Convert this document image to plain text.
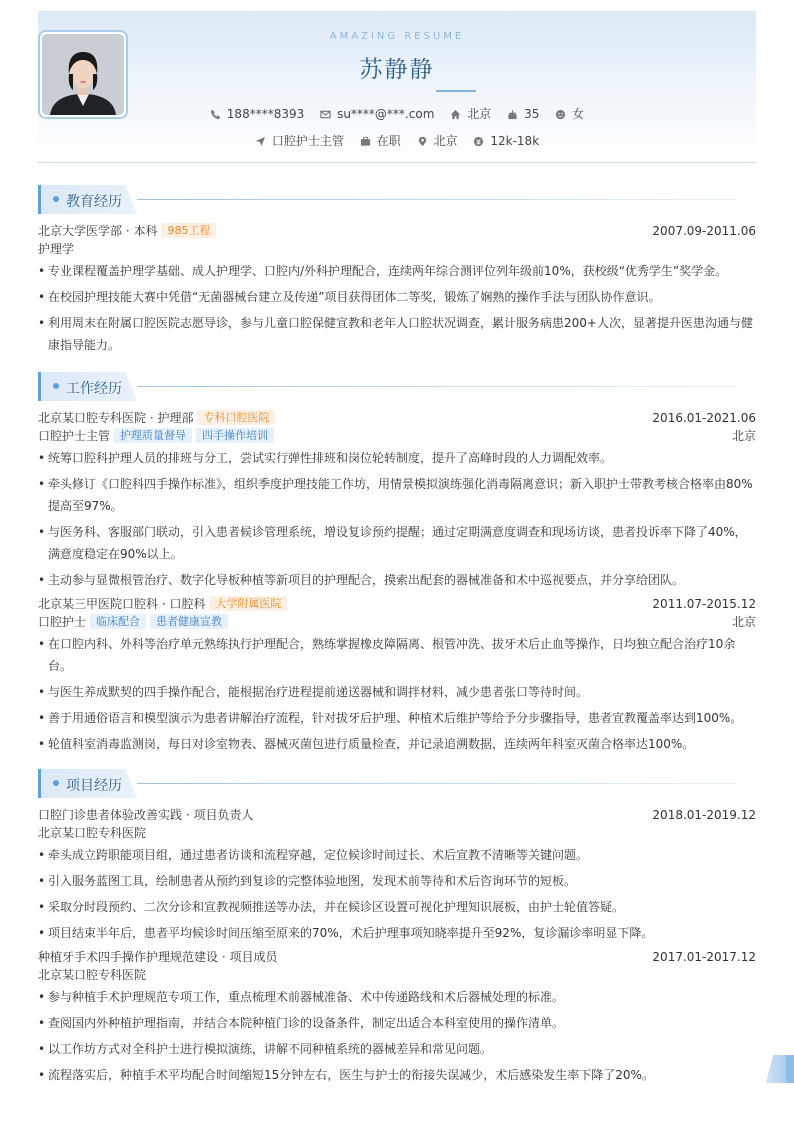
AMAZING RESUME
苏静静
188****8393	su****@***.com	北京	35	女
口腔护士主管	在职	北京	12k-18k
教育经历
北京大学医学部 · 本科 985工程	2007.09-2011.06
护理学
• 专业课程覆盖护理学基础、成人护理学、口腔内/外科护理配合，连续两年综合测评位列年级前10%，获校级“优秀学生”奖学金。
• 在校园护理技能大赛中凭借“无菌器械台建立及传递”项目获得团体二等奖，锻炼了娴熟的操作手法与团队协作意识。
• 利用周末在附属口腔医院志愿导诊，参与儿童口腔保健宣教和老年人口腔状况调查，累计服务病患200+人次，显著提升医患沟通与健康指导能力。
工作经历
北京某口腔专科医院 · 护理部 专科口腔医院	2016.01-2021.06
口腔护士主管 护理质量督导 四手操作培训	北京
• 统筹口腔科护理人员的排班与分工，尝试实行弹性排班和岗位轮转制度，提升了高峰时段的人力调配效率。
• 牵头修订《口腔科四手操作标准》，组织季度护理技能工作坊，用情景模拟演练强化消毒隔离意识；新入职护士带教考核合格率由80%提高至97%。
• 与医务科、客服部门联动，引入患者候诊管理系统，增设复诊预约提醒；通过定期满意度调查和现场访谈，患者投诉率下降了40%，满意度稳定在90%以上。
• 主动参与显微根管治疗、数字化导板种植等新项目的护理配合，摸索出配套的器械准备和术中巡视要点，并分享给团队。
北京某三甲医院口腔科 · 口腔科 大学附属医院	2011.07-2015.12
口腔护士 临床配合 患者健康宣教	北京
• 在口腔内科、外科等治疗单元熟练执行护理配合，熟练掌握橡皮障隔离、根管冲洗、拔牙术后止血等操作，日均独立配合治疗10余台。
• 与医生养成默契的四手操作配合，能根据治疗进程提前递送器械和调拌材料，减少患者张口等待时间。
• 善于用通俗语言和模型演示为患者讲解治疗流程，针对拔牙后护理、种植术后维护等给予分步骤指导，患者宣教覆盖率达到100%。
• 轮值科室消毒监测岗，每日对诊室物表、器械灭菌包进行质量检查，并记录追溯数据，连续两年科室灭菌合格率达100%。
项目经历
口腔门诊患者体验改善实践 · 项目负责人	2018.01-2019.12
北京某口腔专科医院
• 牵头成立跨职能项目组，通过患者访谈和流程穿越，定位候诊时间过长、术后宣教不清晰等关键问题。
• 引入服务蓝图工具，绘制患者从预约到复诊的完整体验地图，发现术前等待和术后咨询环节的短板。
• 采取分时段预约、二次分诊和宣教视频推送等办法，并在候诊区设置可视化护理知识展板，由护士轮值答疑。
• 项目结束半年后，患者平均候诊时间压缩至原来的70%，术后护理事项知晓率提升至92%，复诊漏诊率明显下降。
种植牙手术四手操作护理规范建设 · 项目成员	2017.01-2017.12
北京某口腔专科医院
• 参与种植手术护理规范专项工作，重点梳理术前器械准备、术中传递路线和术后器械处理的标准。
• 查阅国内外种植护理指南，并结合本院种植门诊的设备条件，制定出适合本科室使用的操作清单。
• 以工作坊方式对全科护士进行模拟演练，讲解不同种植系统的器械差异和常见问题。
• 流程落实后，种植手术平均配合时间缩短15分钟左右，医生与护士的衔接失误减少，术后感染发生率下降了20%。
